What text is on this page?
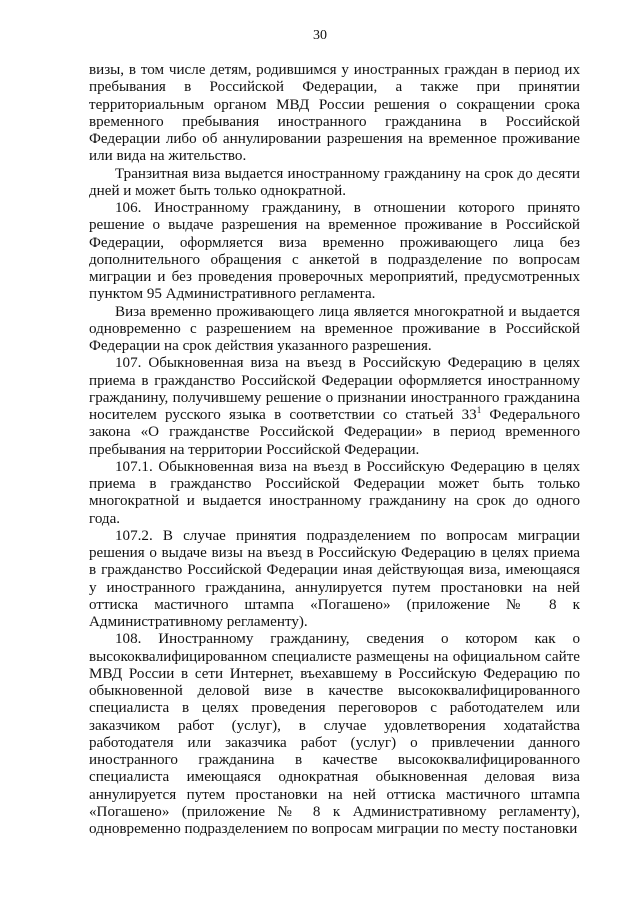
30

визы, в том числе детям, родившимся у иностранных граждан в период их пребывания в Российской Федерации, а также при принятии территориальным органом МВД России решения о сокращении срока временного пребывания иностранного гражданина в Российской Федерации либо об аннулировании разрешения на временное проживание или вида на жительство.

Транзитная виза выдается иностранному гражданину на срок до десяти дней и может быть только однократной.

106. Иностранному гражданину, в отношении которого принято решение о выдаче разрешения на временное проживание в Российской Федерации, оформляется виза временно проживающего лица без дополнительного обращения с анкетой в подразделение по вопросам миграции и без проведения проверочных мероприятий, предусмотренных пунктом 95 Административного регламента.

Виза временно проживающего лица является многократной и выдается одновременно с разрешением на временное проживание в Российской Федерации на срок действия указанного разрешения.

107. Обыкновенная виза на въезд в Российскую Федерацию в целях приема в гражданство Российской Федерации оформляется иностранному гражданину, получившему решение о признании иностранного гражданина носителем русского языка в соответствии со статьей $33^1$ Федерального закона «О гражданстве Российской Федерации» в период временного пребывания на территории Российской Федерации.

107.1. Обыкновенная виза на въезд в Российскую Федерацию в целях приема в гражданство Российской Федерации может быть только многократной и выдается иностранному гражданину на срок до одного года.

107.2. В случае принятия подразделением по вопросам миграции решения о выдаче визы на въезд в Российскую Федерацию в целях приема в гражданство Российской Федерации иная действующая виза, имеющаяся у иностранного гражданина, аннулируется путем простановки на ней оттиска мастичного штампа «Погашено» (приложение № 8 к Административному регламенту).

108. Иностранному гражданину, сведения о котором как о высококвалифицированном специалисте размещены на официальном сайте МВД России в сети Интернет, въехавшему в Российскую Федерацию по обыкновенной деловой визе в качестве высококвалифицированного специалиста в целях проведения переговоров с работодателем или заказчиком работ (услуг), в случае удовлетворения ходатайства работодателя или заказчика работ (услуг) о привлечении данного иностранного гражданина в качестве высококвалифицированного специалиста имеющаяся однократная обыкновенная деловая виза аннулируется путем простановки на ней оттиска мастичного штампа «Погашено» (приложение № 8 к Административному регламенту), одновременно подразделением по вопросам миграции по месту постановки
